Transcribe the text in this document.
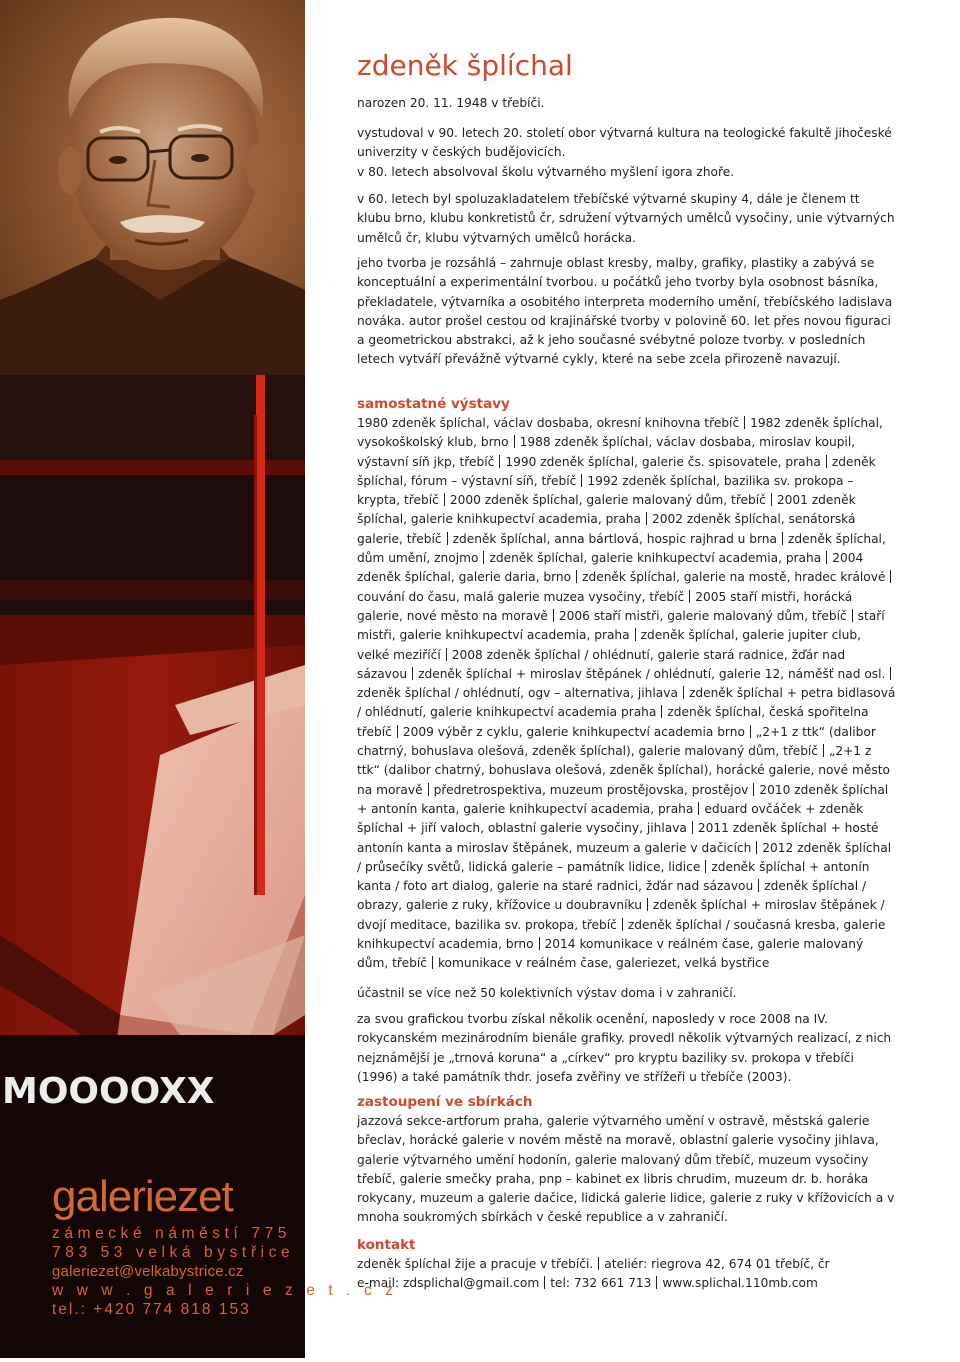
MOOOOXX
galeriezet
zámecké náměstí 775
783 53 velká bystřice
galeriezet@velkabystrice.cz
w w w . g a l e r i e z e t . c z
tel.: +420 774 818 153
zdeněk šplíchal

narozen 20. 11. 1948 v třebíči.

vystudoval v 90. letech 20. století obor výtvarná kultura na teologické fakultě jihočeské univerzity v českých budějovicích.

v 80. letech absolvoval školu výtvarného myšlení igora zhoře.

v 60. letech byl spoluzakladatelem třebíčské výtvarné skupiny 4, dále je členem tt klubu brno, klubu konkretistů čr, sdružení výtvarných umělců vysočiny, unie výtvarných umělců čr, klubu výtvarných umělců horácka.

jeho tvorba je rozsáhlá – zahrnuje oblast kresby, malby, grafiky, plastiky a zabývá se konceptuální a experimentální tvorbou. u počátků jeho tvorby byla osobnost básníka, překladatele, výtvarníka a osobitého interpreta moderního umění, třebíčského ladislava nováka. autor prošel cestou od krajinářské tvorby v polovině 60. let přes novou figuraci a geometrickou abstrakci, až k jeho současné svébytné poloze tvorby. v posledních letech vytváří převážně výtvarné cykly, které na sebe zcela přirozeně navazují.

samostatné výstavy

1980 zdeněk šplíchal, václav dosbaba, okresní knihovna třebíč 1982 zdeněk šplíchal, vysokoškolský klub, brno 1988 zdeněk šplíchal, václav dosbaba, miroslav koupil, výstavní síň jkp, třebíč 1990 zdeněk šplíchal, galerie čs. spisovatele, praha zdeněk šplíchal, fórum – výstavní síň, třebíč 1992 zdeněk šplíchal, bazilika sv. prokopa – krypta, třebíč 2000 zdeněk šplíchal, galerie malovaný dům, třebíč 2001 zdeněk šplíchal, galerie knihkupectví academia, praha 2002 zdeněk šplíchal, senátorská galerie, třebíč zdeněk šplíchal, anna bártlová, hospic rajhrad u brna zdeněk šplíchal, dům umění, znojmo zdeněk šplíchal, galerie knihkupectví academia, praha 2004 zdeněk šplíchal, galerie daria, brno zdeněk šplíchal, galerie na mostě, hradec královécouvání do času, malá galerie muzea vysočiny, třebíč 2005 staří mistři, horácká galerie, nové město na moravě 2006 staří mistři, galerie malovaný dům, třebíč staří mistři, galerie knihkupectví academia, praha zdeněk šplíchal, galerie jupiter club, velké meziříčí 2008 zdeněk šplíchal / ohlédnutí, galerie stará radnice, žďár nad sázavou zdeněk šplíchal + miroslav štěpánek / ohlédnutí, galerie 12, náměšť nad osl.zdeněk šplíchal / ohlédnutí, ogv – alternativa, jihlava zdeněk šplíchal + petra bidlasová / ohlédnutí, galerie knihkupectví academia praha zdeněk šplíchal, česká spořitelna třebíč 2009 výběr z cyklu, galerie knihkupectví academia brno „2+1 z ttk“ (dalibor chatrný, bohuslava olešová, zdeněk šplíchal), galerie malovaný dům, třebíč „2+1 z ttk“ (dalibor chatrný, bohuslava olešová, zdeněk šplíchal), horácké galerie, nové město na moravě předretrospektiva, muzeum prostějovska, prostějov 2010 zdeněk šplíchal + antonín kanta, galerie knihkupectví academia, praha eduard ovčáček + zdeněk šplíchal + jiří valoch, oblastní galerie vysočiny, jihlava 2011 zdeněk šplíchal + hosté antonín kanta a miroslav štěpánek, muzeum a galerie v dačicích 2012 zdeněk šplíchal / průsečíky světů, lidická galerie – památník lidice, lidice zdeněk šplíchal + antonín kanta / foto art dialog, galerie na staré radnici, žďár nad sázavou zdeněk šplíchal / obrazy, galerie z ruky, křížovice u doubravníku zdeněk šplíchal + miroslav štěpánek / dvojí meditace, bazilika sv. prokopa, třebíč zdeněk šplíchal / současná kresba, galerie knihkupectví academia, brno 2014 komunikace v reálném čase, galerie malovaný dům, třebíč komunikace v reálném čase, galeriezet, velká bystřice

účastnil se více než 50 kolektivních výstav doma i v zahraničí.

za svou grafickou tvorbu získal několik ocenění, naposledy v roce 2008 na IV. rokycanském mezinárodním bienále grafiky. provedl několik výtvarných realizací, z nich nejznámější je „trnová koruna“ a „církev“ pro kryptu baziliky sv. prokopa v třebíči (1996) a také památník thdr. josefa zvěřiny ve střížeři u třebíče (2003).

zastoupení ve sbírkách

jazzová sekce-artforum praha, galerie výtvarného umění v ostravě, městská galerie břeclav, horácké galerie v novém městě na moravě, oblastní galerie vysočiny jihlava, galerie výtvarného umění hodonín, galerie malovaný dům třebíč, muzeum vysočiny třebíč, galerie smečky praha, pnp – kabinet ex libris chrudim, muzeum dr. b. horáka rokycany, muzeum a galerie dačice, lidická galerie lidice, galerie z ruky v křížovicích a v mnoha soukromých sbírkách v české republice a v zahraničí.

kontakt

zdeněk šplíchal žije a pracuje v třebíči. ateliér: riegrova 42, 674 01 třebíč, čr

e-mail: zdsplichal@gmail.com tel: 732 661 713 www.splichal.110mb.com
